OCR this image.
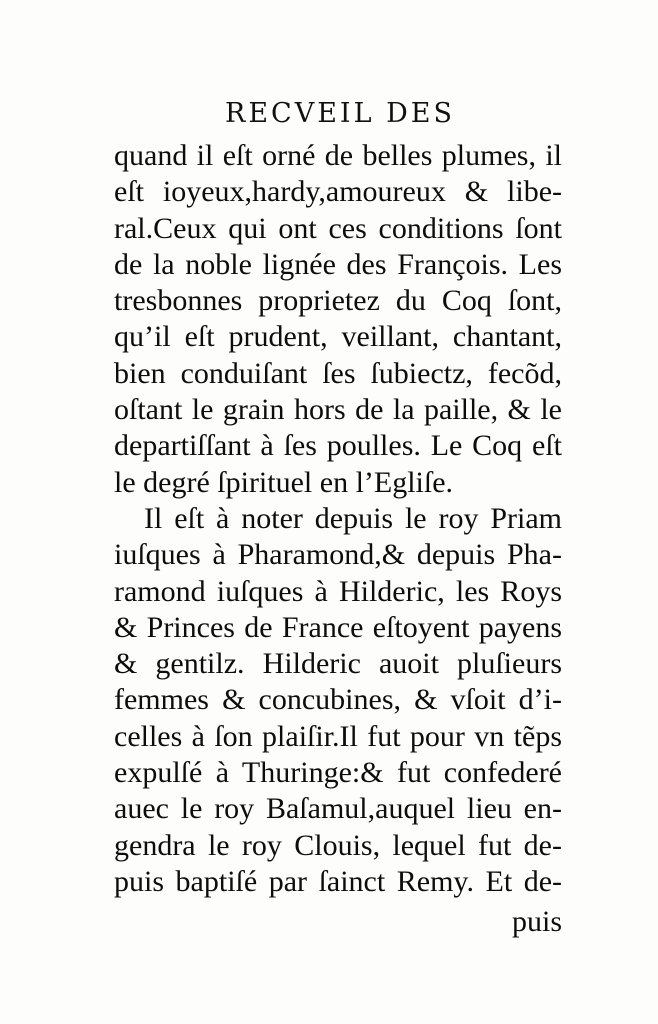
RECVEIL DES
quand il eſt orné de belles plumes, il
eſt ioyeux,hardy,amoureux & libe-
ral.Ceux qui ont ces conditions ſont
de la noble lignée des François. Les
tresbonnes proprietez du Coq ſont,
qu’il eſt prudent, veillant, chantant,
bien conduiſant ſes ſubiectz, fecõd,
oſtant le grain hors de la paille, & le
departiſſant à ſes poulles. Le Coq eſt
le degré ſpirituel en l’Egliſe.
Il eſt à noter depuis le roy Priam
iuſques à Pharamond,& depuis Pha-
ramond iuſques à Hilderic, les Roys
& Princes de France eſtoyent payens
& gentilz. Hilderic auoit pluſieurs
femmes & concubines, & vſoit d’i-
celles à ſon plaiſir.Il fut pour vn tẽps
expulſé à Thuringe:& fut confederé
auec le roy Baſamul,auquel lieu en-
gendra le roy Clouis, lequel fut de-
puis baptiſé par ſainct Remy. Et de-
puis
